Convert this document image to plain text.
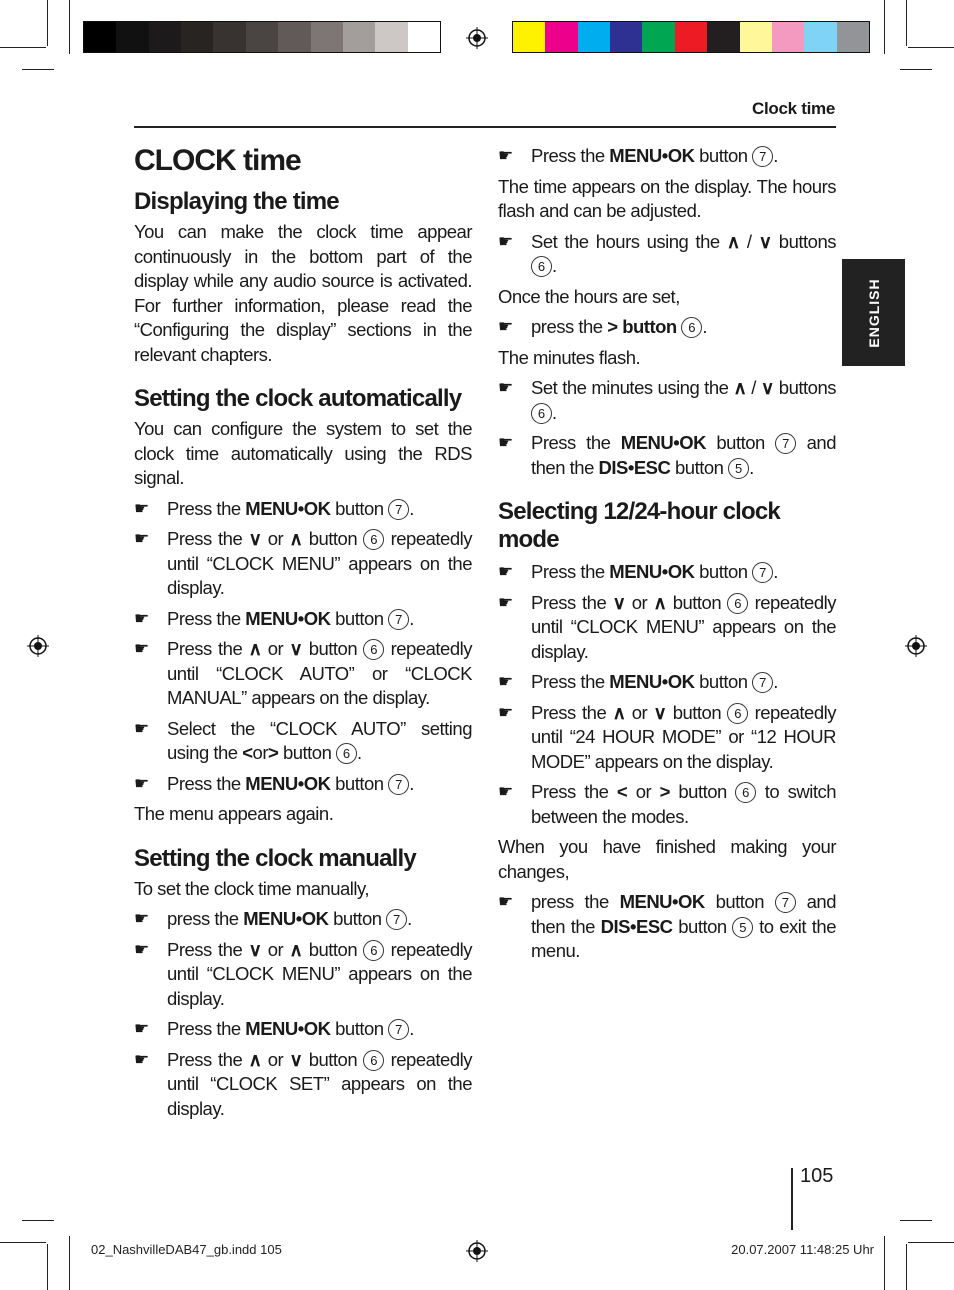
Clock time
ENGLISH
CLOCK time
Displaying the time

You can make the clock time appear continuously in the bottom part of the display while any audio source is activated. For further information, please read the “Configuring the display” sections in the relevant chapters.

Setting the clock automatically

You can configure the system to set the clock time automatically using the RDS signal.

☛ Press the MENU•OK button 7 .
☛ Press the ∨ or ∧ button 6 repeatedly until “CLOCK MENU” appears on the display.
☛ Press the MENU•OK button 7 .
☛ Press the ∧ or ∨ button 6 repeatedly until “CLOCK AUTO” or “CLOCK MANUAL” appears on the display.
☛ Select the “CLOCK AUTO” setting using the <or> button 6 .
☛ Press the MENU•OK button 7 .

The menu appears again.

Setting the clock manually

To set the clock time manually,

☛ press the MENU•OK button 7 .
☛ Press the ∨ or ∧ button 6 repeatedly until “CLOCK MENU” appears on the display.
☛ Press the MENU•OK button 7 .
☛ Press the ∧ or ∨ button 6 repeatedly until “CLOCK SET” appears on the display.
☛ Press the MENU•OK button 7 .

The time appears on the display. The hours flash and can be adjusted.

☛ Set the hours using the ∧ / ∨ buttons 6 .

Once the hours are set,

☛ press the > button 6 .

The minutes flash.

☛ Set the minutes using the ∧ / ∨ buttons 6 .
☛ Press the MENU•OK button 7 and then the DIS•ESC button 5 .
Selecting 12/24-hour clock mode
☛ Press the MENU•OK button 7 .
☛ Press the ∨ or ∧ button 6 repeatedly until “CLOCK MENU” appears on the display.
☛ Press the MENU•OK button 7 .
☛ Press the ∧ or ∨ button 6 repeatedly until “24 HOUR MODE” or “12 HOUR MODE” appears on the display.
☛ Press the < or > button 6 to switch between the modes.

When you have finished making your changes,

☛ press the MENU•OK button 7 and then the DIS•ESC button 5 to exit the menu.
105
02_NashvilleDAB47_gb.indd 105	20.07.2007 11:48:25 Uhr
